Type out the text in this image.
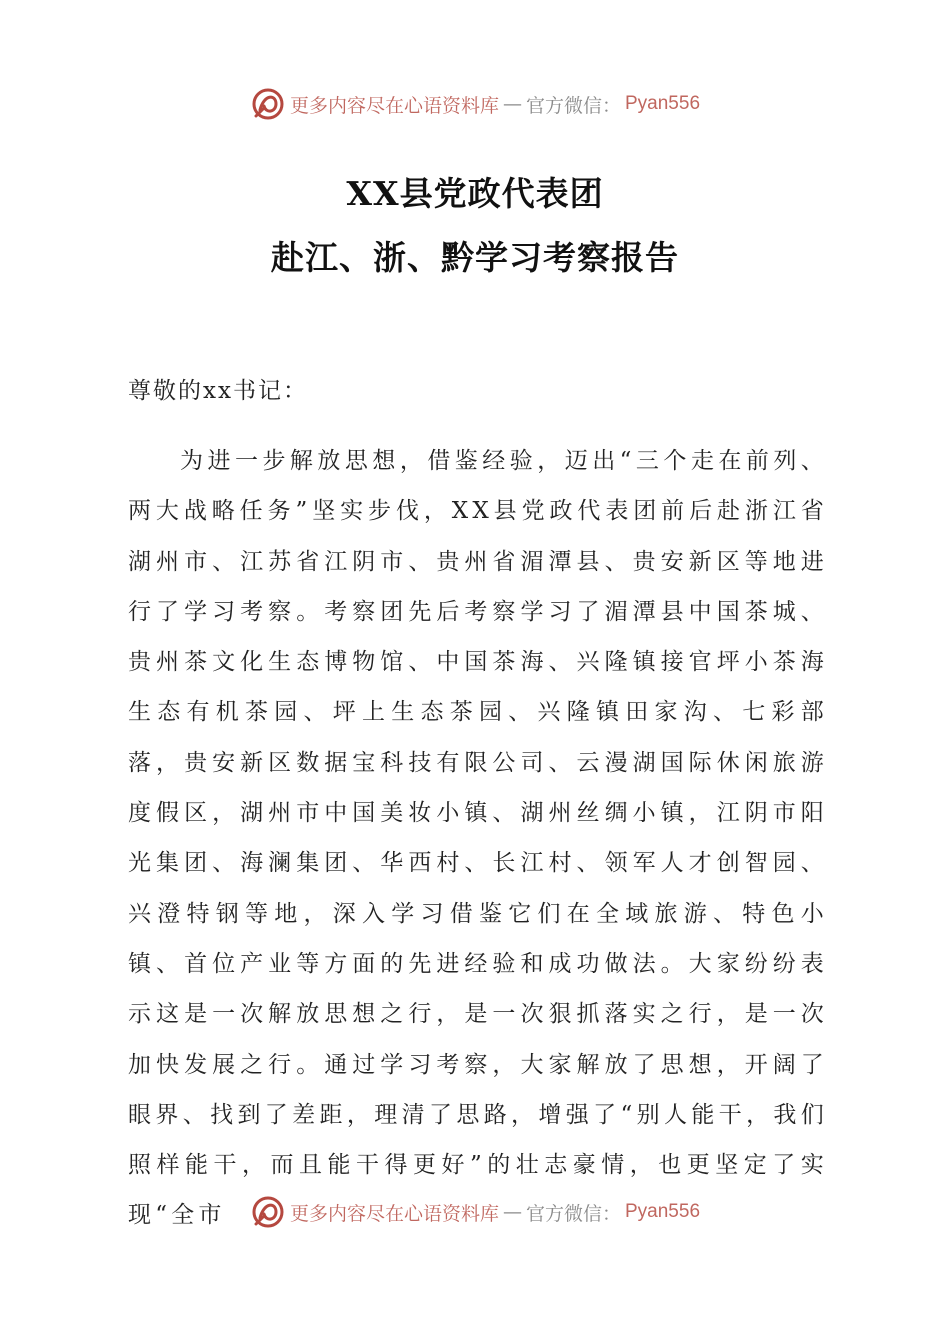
更多内容尽在心语资料库 — 官方微信： Pyan556
XX县党政代表团
赴江、浙、黔学习考察报告
尊敬的xx书记：
为进一步解放思想，借鉴经验，迈出“三个走在前列、两大战略任务”坚实步伐，XX县党政代表团前后赴浙江省湖州市、江苏省江阴市、贵州省湄潭县、贵安新区等地进行了学习考察。考察团先后考察学习了湄潭县中国茶城、贵州茶文化生态博物馆、中国茶海、兴隆镇接官坪小茶海生态有机茶园、坪上生态茶园、兴隆镇田家沟、七彩部落，贵安新区数据宝科技有限公司、云漫湖国际休闲旅游度假区，湖州市中国美妆小镇、湖州丝绸小镇，江阴市阳光集团、海澜集团、华西村、长江村、领军人才创智园、兴澄特钢等地，深入学习借鉴它们在全域旅游、特色小镇、首位产业等方面的先进经验和成功做法。大家纷纷表示这是一次解放思想之行，是一次狠抓落实之行，是一次加快发展之行。通过学习考察，大家解放了思想，开阔了眼界、找到了差距，理清了思路，增强了“别人能干，我们照样能干，而且能干得更好”的壮志豪情，也更坚定了实现“全市	更多内容尽在心语资料库 — 官方微信： Pyan556
